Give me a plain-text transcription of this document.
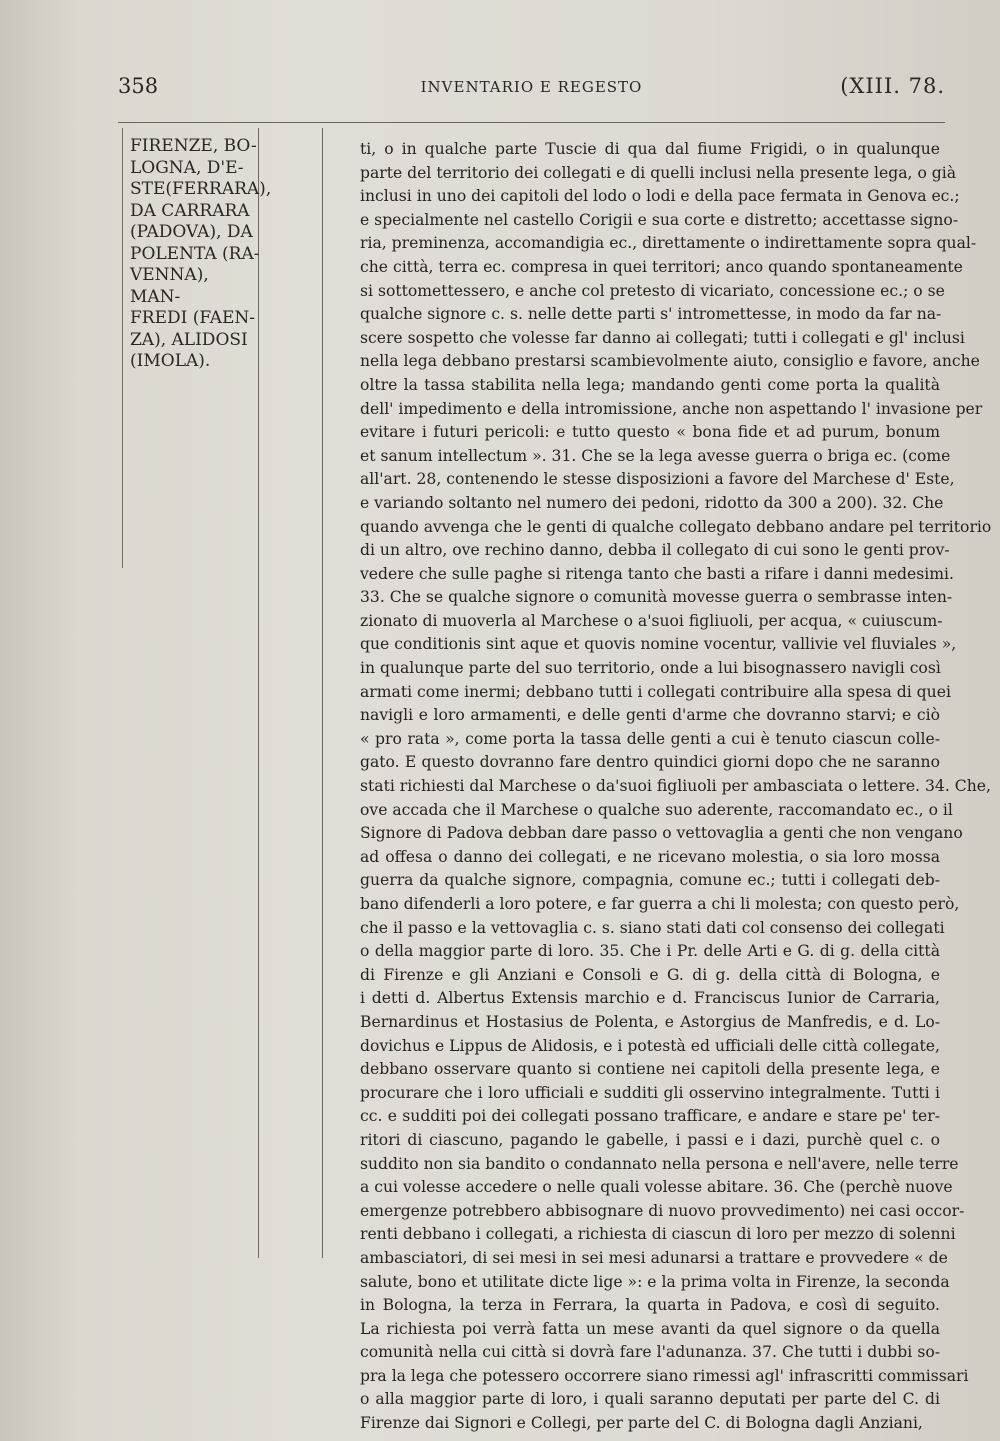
358	INVENTARIO E REGESTO	(XIII. 78.
FIRENZE, BO-
LOGNA, D'E-
STE(FERRARA),
DA CARRARA
(PADOVA), DA
POLENTA (RA-
VENNA), MAN-
FREDI (FAEN-
ZA), ALIDOSI
(IMOLA).
ti, o in qualche parte Tuscie di qua dal fiume Frigidi, o in qualunque
parte del territorio dei collegati e di quelli inclusi nella presente lega, o già
inclusi in uno dei capitoli del lodo o lodi e della pace fermata in Genova ec.;
e specialmente nel castello Corigii e sua corte e distretto; accettasse signo-
ria, preminenza, accomandigia ec., direttamente o indirettamente sopra qual-
che città, terra ec. compresa in quei territori; anco quando spontaneamente
si sottomettessero, e anche col pretesto di vicariato, concessione ec.; o se
qualche signore c. s. nelle dette parti s' intromettesse, in modo da far na-
scere sospetto che volesse far danno ai collegati; tutti i collegati e gl' inclusi
nella lega debbano prestarsi scambievolmente aiuto, consiglio e favore, anche
oltre la tassa stabilita nella lega; mandando genti come porta la qualità
dell' impedimento e della intromissione, anche non aspettando l' invasione per
evitare i futuri pericoli: e tutto questo « bona fide et ad purum, bonum
et sanum intellectum ». 31. Che se la lega avesse guerra o briga ec. (come
all'art. 28, contenendo le stesse disposizioni a favore del Marchese d' Este,
e variando soltanto nel numero dei pedoni, ridotto da 300 a 200). 32. Che
quando avvenga che le genti di qualche collegato debbano andare pel territorio
di un altro, ove rechino danno, debba il collegato di cui sono le genti prov-
vedere che sulle paghe si ritenga tanto che basti a rifare i danni medesimi.
33. Che se qualche signore o comunità movesse guerra o sembrasse inten-
zionato di muoverla al Marchese o a'suoi figliuoli, per acqua, « cuiuscum-
que conditionis sint aque et quovis nomine vocentur, vallivie vel fluviales »,
in qualunque parte del suo territorio, onde a lui bisognassero navigli così
armati come inermi; debbano tutti i collegati contribuire alla spesa di quei
navigli e loro armamenti, e delle genti d'arme che dovranno starvi; e ciò
« pro rata », come porta la tassa delle genti a cui è tenuto ciascun colle-
gato. E questo dovranno fare dentro quindici giorni dopo che ne saranno
stati richiesti dal Marchese o da'suoi figliuoli per ambasciata o lettere. 34. Che,
ove accada che il Marchese o qualche suo aderente, raccomandato ec., o il
Signore di Padova debban dare passo o vettovaglia a genti che non vengano
ad offesa o danno dei collegati, e ne ricevano molestia, o sia loro mossa
guerra da qualche signore, compagnia, comune ec.; tutti i collegati deb-
bano difenderli a loro potere, e far guerra a chi li molesta; con questo però,
che il passo e la vettovaglia c. s. siano stati dati col consenso dei collegati
o della maggior parte di loro. 35. Che i Pr. delle Arti e G. di g. della città
di Firenze e gli Anziani e Consoli e G. di g. della città di Bologna, e
i detti d. Albertus Extensis marchio e d. Franciscus Iunior de Carraria,
Bernardinus et Hostasius de Polenta, e Astorgius de Manfredis, e d. Lo-
dovichus e Lippus de Alidosis, e i potestà ed ufficiali delle città collegate,
debbano osservare quanto si contiene nei capitoli della presente lega, e
procurare che i loro ufficiali e sudditi gli osservino integralmente. Tutti i
cc. e sudditi poi dei collegati possano trafficare, e andare e stare pe' ter-
ritori di ciascuno, pagando le gabelle, i passi e i dazi, purchè quel c. o
suddito non sia bandito o condannato nella persona e nell'avere, nelle terre
a cui volesse accedere o nelle quali volesse abitare. 36. Che (perchè nuove
emergenze potrebbero abbisognare di nuovo provvedimento) nei casi occor-
renti debbano i collegati, a richiesta di ciascun di loro per mezzo di solenni
ambasciatori, di sei mesi in sei mesi adunarsi a trattare e provvedere « de
salute, bono et utilitate dicte lige »: e la prima volta in Firenze, la seconda
in Bologna, la terza in Ferrara, la quarta in Padova, e così di seguito.
La richiesta poi verrà fatta un mese avanti da quel signore o da quella
comunità nella cui città si dovrà fare l'adunanza. 37. Che tutti i dubbi so-
pra la lega che potessero occorrere siano rimessi agl' infrascritti commissari
o alla maggior parte di loro, i quali saranno deputati per parte del C. di
Firenze dai Signori e Collegi, per parte del C. di Bologna dagli Anziani,
